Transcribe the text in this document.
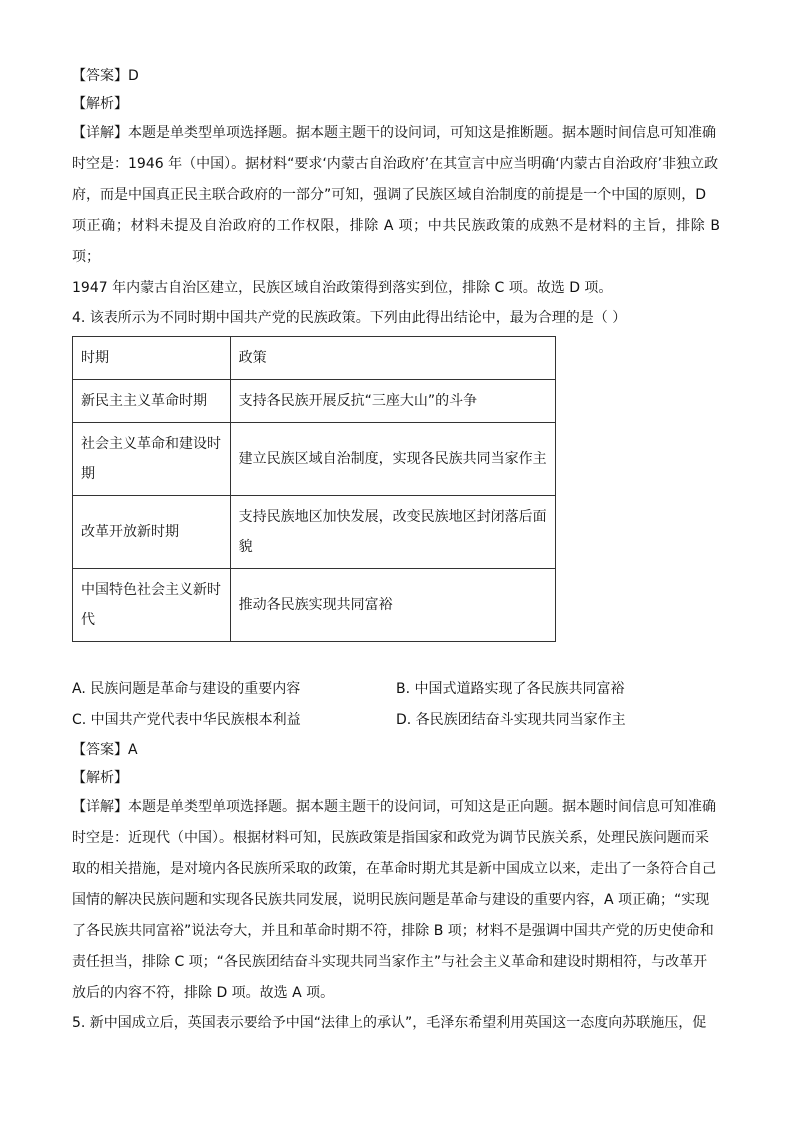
【答案】D

【解析】

【详解】本题是单类型单项选择题。据本题主题干的设问词，可知这是推断题。据本题时间信息可知准确

时空是：1946 年（中国）。据材料“要求‘内蒙古自治政府’在其宣言中应当明确‘内蒙古自治政府’非独立政

府，而是中国真正民主联合政府的一部分”可知，强调了民族区域自治制度的前提是一个中国的原则，D

项正确；材料未提及自治政府的工作权限，排除 A 项；中共民族政策的成熟不是材料的主旨，排除 B 项；

1947 年内蒙古自治区建立，民族区域自治政策得到落实到位，排除 C 项。故选 D 项。

4. 该表所示为不同时期中国共产党的民族政策。下列由此得出结论中，最为合理的是（ ）

时期	政策
新民主主义革命时期	支持各民族开展反抗“三座大山”的斗争
社会主义革命和建设时期	建立民族区域自治制度，实现各民族共同当家作主
改革开放新时期	支持民族地区加快发展，改变民族地区封闭落后面貌
中国特色社会主义新时代	推动各民族实现共同富裕
A. 民族问题是革命与建设的重要内容	B. 中国式道路实现了各民族共同富裕
C. 中国共产党代表中华民族根本利益	D. 各民族团结奋斗实现共同当家作主

【答案】A

【解析】

【详解】本题是单类型单项选择题。据本题主题干的设问词，可知这是正向题。据本题时间信息可知准确

时空是：近现代（中国）。根据材料可知，民族政策是指国家和政党为调节民族关系，处理民族问题而采

取的相关措施，是对境内各民族所采取的政策，在革命时期尤其是新中国成立以来，走出了一条符合自己

国情的解决民族问题和实现各民族共同发展，说明民族问题是革命与建设的重要内容，A 项正确；“实现

了各民族共同富裕”说法夸大，并且和革命时期不符，排除 B 项；材料不是强调中国共产党的历史使命和

责任担当，排除 C 项；“各民族团结奋斗实现共同当家作主”与社会主义革命和建设时期相符，与改革开

放后的内容不符，排除 D 项。故选 A 项。

5. 新中国成立后，英国表示要给予中国“法律上的承认”，毛泽东希望利用英国这一态度向苏联施压，促
